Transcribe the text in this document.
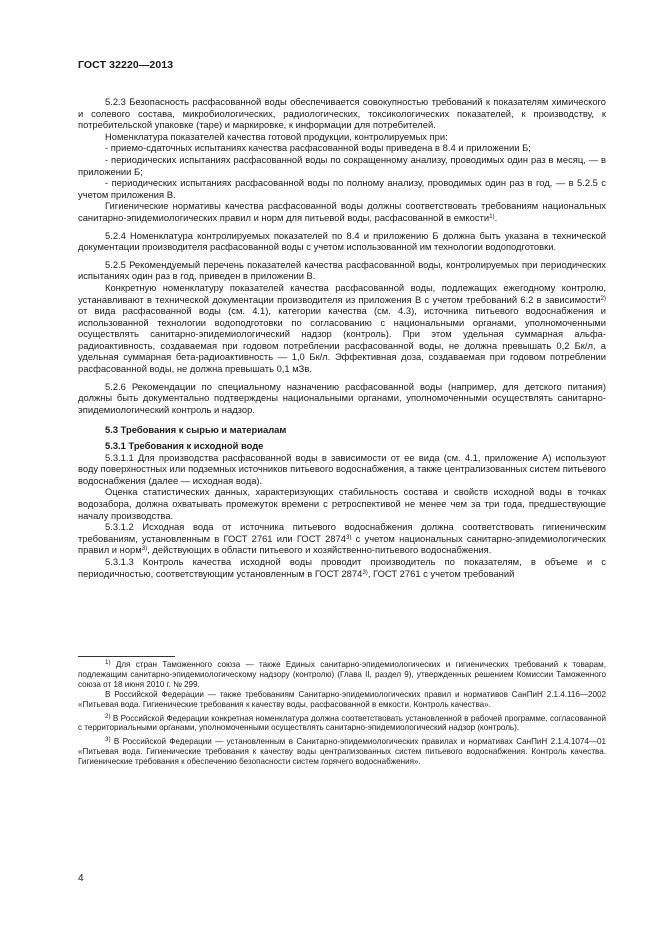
ГОСТ 32220—2013

5.2.3 Безопасность расфасованной воды обеспечивается совокупностью требований к показателям химического и солевого состава, микробиологических, радиологических, токсикологических показателей, к производству, к потребительской упаковке (таре) и маркировке, к информации для потребителей.

Номенклатура показателей качества готовой продукции, контролируемых при:

- приемо-сдаточных испытаниях качества расфасованной воды приведена в 8.4 и приложении Б;

- периодических испытаниях расфасованной воды по сокращенному анализу, проводимых один раз в месяц, — в приложении Б;

- периодических испытаниях расфасованной воды по полному анализу, проводимых один раз в год, — в 5.2.5 с учетом приложения В.

Гигиенические нормативы качества расфасованной воды должны соответствовать требованиям национальных санитарно-эпидемиологических правил и норм для питьевой воды, расфасованной в емкости$^{1)}$.

5.2.4 Номенклатура контролируемых показателей по 8.4 и приложению Б должна быть указана в технической документации производителя расфасованной воды с учетом использованной им технологии водоподготовки.

5.2.5 Рекомендуемый перечень показателей качества расфасованной воды, контролируемых при периодических испытаниях один раз в год, приведен в приложении В.

Конкретную номенклатуру показателей качества расфасованной воды, подлежащих ежегодному контролю, устанавливают в технической документации производителя из приложения В с учетом требований 6.2 в зависимости$^{2)}$ от вида расфасованной воды (см. 4.1), категории качества (см. 4.3), источника питьевого водоснабжения и использованной технологии водоподготовки по согласованию с национальными органами, уполномоченными осуществлять санитарно-эпидемиологический надзор (контроль). При этом удельная суммарная альфа-радиоактивность, создаваемая при годовом потреблении расфасованной воды, не должна превышать 0,2 Бк/л, а удельная суммарная бета-радиоактивность — 1,0 Бк/л. Эффективная доза, создаваемая при годовом потреблении расфасованной воды, не должна превышать 0,1 мЗв.

5.2.6 Рекомендации по специальному назначению расфасованной воды (например, для детского питания) должны быть документально подтверждены национальными органами, уполномоченными осуществлять санитарно-эпидемиологический контроль и надзор.

5.3 Требования к сырью и материалам

5.3.1 Требования к исходной воде

5.3.1.1 Для производства расфасованной воды в зависимости от ее вида (см. 4.1, приложение А) используют воду поверхностных или подземных источников питьевого водоснабжения, а также централизованных систем питьевого водоснабжения (далее — исходная вода).

Оценка статистических данных, характеризующих стабильность состава и свойств исходной воды в точках водозабора, должна охватывать промежуток времени с ретроспективой не менее чем за три года, предшествующие началу производства.

5.3.1.2 Исходная вода от источника питьевого водоснабжения должна соответствовать гигиеническим требованиям, установленным в ГОСТ 2761 или ГОСТ 2874$^{3)}$ с учетом национальных санитарно-эпидемиологических правил и норм$^{3)}$, действующих в области питьевого и хозяйственно-питьевого водоснабжения.

5.3.1.3 Контроль качества исходной воды проводит производитель по показателям, в объеме и с периодичностью, соответствующим установленным в ГОСТ 2874$^{3)}$, ГОСТ 2761 с учетом требований

$^{1)}$ Для стран Таможенного союза — также Единых санитарно-эпидемиологических и гигиенических требований к товарам, подлежащим санитарно-эпидемиологическому надзору (контролю) (Глава II, раздел 9), утвержденных решением Комиссии Таможенного союза от 18 июня 2010 г. № 299.

В Российской Федерации — также требованиям Санитарно-эпидемиологических правил и нормативов СанПиН 2.1.4.116—2002 «Питьевая вода. Гигиенические требования к качеству воды, расфасованной в емкости. Контроль качества».

$^{2)}$ В Российской Федерации конкретная номенклатура должна соответствовать установленной в рабочей программе, согласованной с территориальными органами, уполномоченными осуществлять санитарно-эпидемиологический надзор (контроль).

$^{3)}$ В Российской Федерации — установленным в Санитарно-эпидемиологических правилах и нормативах СанПиН 2.1.4.1074—01 «Питьевая вода. Гигиенические требования к качеству воды централизованных систем питьевого водоснабжения. Контроль качества. Гигиенические требования к обеспечению безопасности систем горячего водоснабжения».

4
